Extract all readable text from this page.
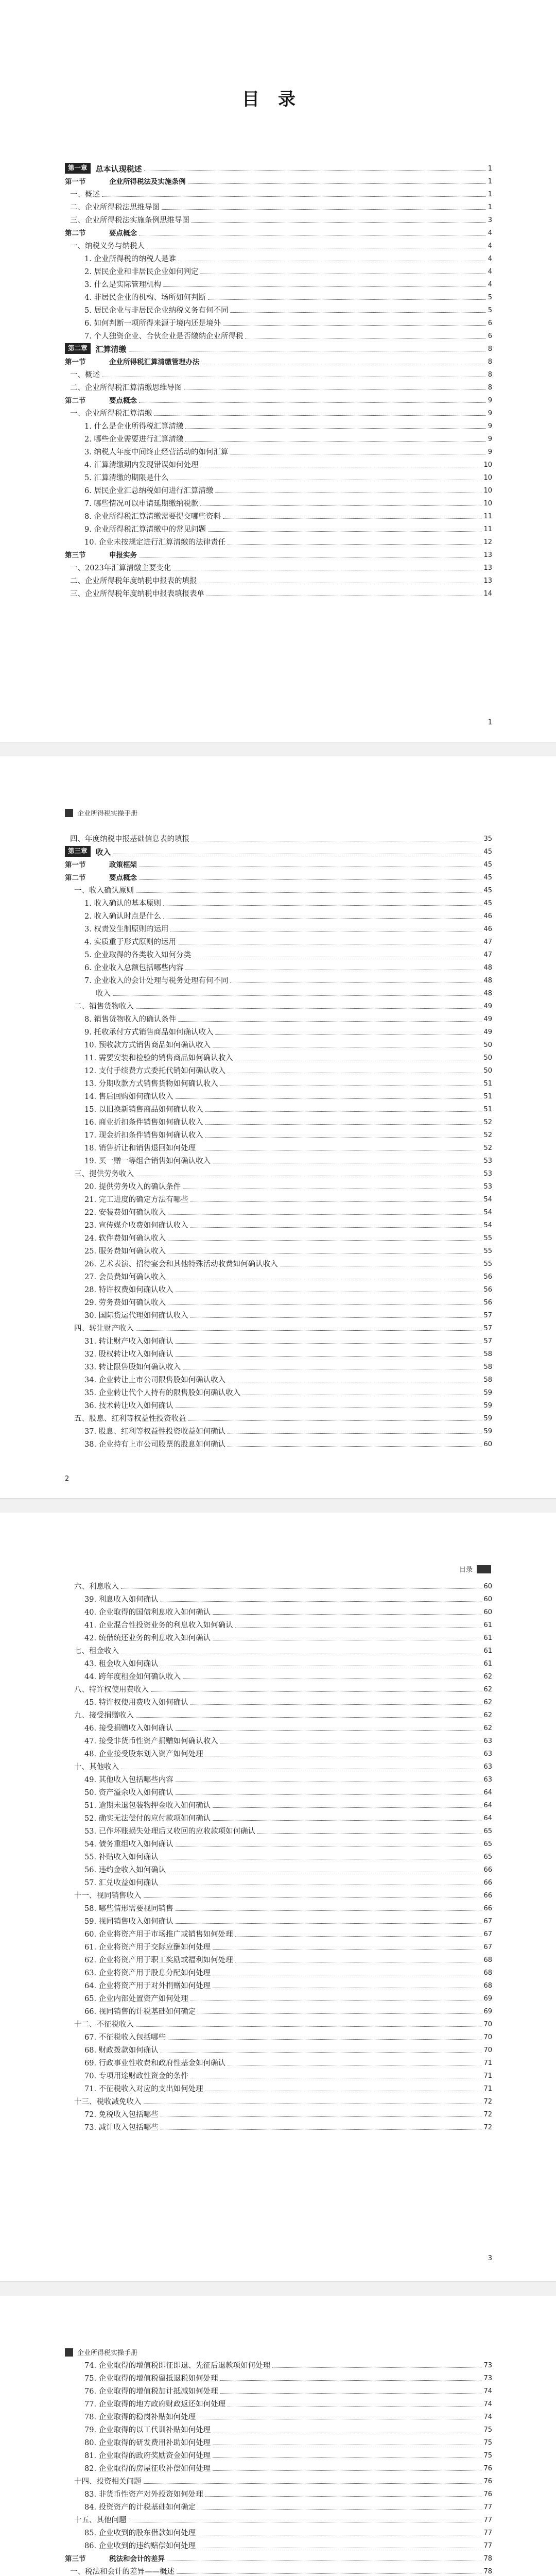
目录
第一章	总本认现税述	1
第一节	企业所得税法及实施条例	1
一、概述	1
二、企业所得税法思维导图	1
三、企业所得税法实施条例思维导图	3
第二节	要点概念	4
一、纳税义务与纳税人	4
1. 企业所得税的纳税人是谁	4
2. 居民企业和非居民企业如何判定	4
3. 什么是实际管理机构	4
4. 非居民企业的机构、场所如何判断	5
5. 居民企业与非居民企业纳税义务有何不同	5
6. 如何判断一项所得来源于境内还是境外	6
7. 个人独资企业、合伙企业是否缴纳企业所得税	6
第二章	汇算清缴	8
第一节	企业所得税汇算清缴管理办法	8
一、概述	8
二、企业所得税汇算清缴思维导图	8
第二节	要点概念	9
一、企业所得税汇算清缴	9
1. 什么是企业所得税汇算清缴	9
2. 哪些企业需要进行汇算清缴	9
3. 纳税人年度中间终止经营活动的如何汇算	9
4. 汇算清缴期内发现错误如何处理	10
5. 汇算清缴的期限是什么	10
6. 居民企业汇总纳税如何进行汇算清缴	10
7. 哪些情况可以申请延期缴纳税款	10
8. 企业所得税汇算清缴需要提交哪些资料	11
9. 企业所得税汇算清缴中的常见问题	11
10. 企业未按规定进行汇算清缴的法律责任	12
第三节	申报实务	13
一、2023年汇算清缴主要变化	13
二、企业所得税年度纳税申报表的填报	13
三、企业所得税年度纳税申报表填报表单	14
1
企业所得税实操手册
四、年度纳税申报基础信息表的填报	35
第三章	收入	45
第一节	政策框架	45
第二节	要点概念	45
一、收入确认原则	45
1. 收入确认的基本原则	45
2. 收入确认时点是什么	46
3. 权责发生制原则的运用	46
4. 实质重于形式原则的运用	47
5. 企业取得的各类收入如何分类	47
6. 企业收入总额包括哪些内容	48
7. 企业收入的会计处理与税务处理有何不同	48
收入	48
二、销售货物收入	49
8. 销售货物收入的确认条件	49
9. 托收承付方式销售商品如何确认收入	49
10. 预收款方式销售商品如何确认收入	50
11. 需要安装和检验的销售商品如何确认收入	50
12. 支付手续费方式委托代销如何确认收入	50
13. 分期收款方式销售货物如何确认收入	51
14. 售后回购如何确认收入	51
15. 以旧换新销售商品如何确认收入	51
16. 商业折扣条件销售如何确认收入	52
17. 现金折扣条件销售如何确认收入	52
18. 销售折让和销售退回如何处理	52
19. 买一赠一等组合销售如何确认收入	53
三、提供劳务收入	53
20. 提供劳务收入的确认条件	53
21. 完工进度的确定方法有哪些	54
22. 安装费如何确认收入	54
23. 宣传媒介收费如何确认收入	54
24. 软件费如何确认收入	55
25. 服务费如何确认收入	55
26. 艺术表演、招待宴会和其他特殊活动收费如何确认收入	55
27. 会员费如何确认收入	56
28. 特许权费如何确认收入	56
29. 劳务费如何确认收入	56
30. 国际货运代理如何确认收入	57
四、转让财产收入	57
31. 转让财产收入如何确认	57
32. 股权转让收入如何确认	58
33. 转让限售股如何确认收入	58
34. 企业转让上市公司限售股如何确认收入	58
35. 企业转让代个人持有的限售股如何确认收入	59
36. 技术转让收入如何确认	59
五、股息、红利等权益性投资收益	59
37. 股息、红利等权益性投资收益如何确认	59
38. 企业持有上市公司股票的股息如何确认	60
2
目录
六、利息收入	60
39. 利息收入如何确认	60
40. 企业取得的国债利息收入如何确认	60
41. 企业混合性投资业务的利息收入如何确认	61
42. 统借统还业务的利息收入如何确认	61
七、租金收入	61
43. 租金收入如何确认	61
44. 跨年度租金如何确认收入	62
八、特许权使用费收入	62
45. 特许权使用费收入如何确认	62
九、接受捐赠收入	62
46. 接受捐赠收入如何确认	62
47. 接受非货币性资产捐赠如何确认收入	63
48. 企业接受股东划入资产如何处理	63
十、其他收入	63
49. 其他收入包括哪些内容	63
50. 资产溢余收入如何确认	64
51. 逾期未退包装物押金收入如何确认	64
52. 确实无法偿付的应付款项如何确认	64
53. 已作坏账损失处理后又收回的应收款项如何确认	65
54. 债务重组收入如何确认	65
55. 补贴收入如何确认	65
56. 违约金收入如何确认	66
57. 汇兑收益如何确认	66
十一、视同销售收入	66
58. 哪些情形需要视同销售	66
59. 视同销售收入如何确认	67
60. 企业将资产用于市场推广或销售如何处理	67
61. 企业将资产用于交际应酬如何处理	67
62. 企业将资产用于职工奖励或福利如何处理	68
63. 企业将资产用于股息分配如何处理	68
64. 企业将资产用于对外捐赠如何处理	68
65. 企业内部处置资产如何处理	69
66. 视同销售的计税基础如何确定	69
十二、不征税收入	70
67. 不征税收入包括哪些	70
68. 财政拨款如何确认	70
69. 行政事业性收费和政府性基金如何确认	71
70. 专项用途财政性资金的条件	71
71. 不征税收入对应的支出如何处理	71
十三、税收减免收入	72
72. 免税收入包括哪些	72
73. 减计收入包括哪些	72
3
企业所得税实操手册
74. 企业取得的增值税即征即退、先征后退款项如何处理	73
75. 企业取得的增值税留抵退税如何处理	73
76. 企业取得的增值税加计抵减如何处理	74
77. 企业取得的地方政府财政返还如何处理	74
78. 企业取得的稳岗补贴如何处理	74
79. 企业取得的以工代训补贴如何处理	75
80. 企业取得的研发费用补助如何处理	75
81. 企业取得的政府奖励资金如何处理	75
82. 企业取得的房屋征收补偿如何处理	76
十四、投资相关问题	76
83. 非货币性资产对外投资如何处理	76
84. 投资资产的计税基础如何确定	77
十五、其他问题	77
85. 企业收到的股东借款如何处理	77
86. 企业收到的违约赔偿如何处理	77
第三节	税法和会计的差异	78
一、税法和会计的差异——概述	78
